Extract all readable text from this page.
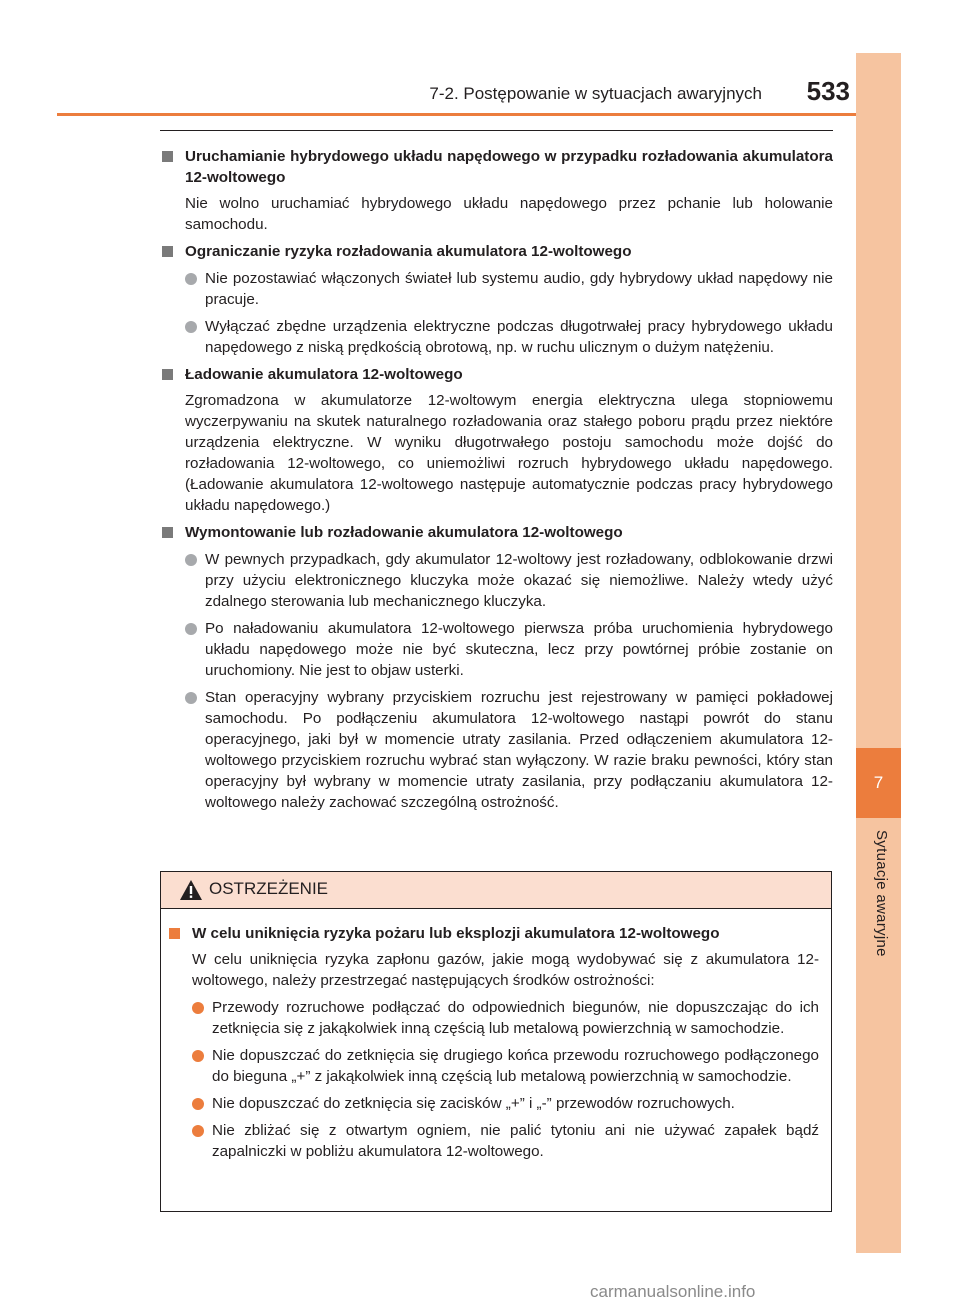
7
Sytuacje awaryjne
7-2. Postępowanie w sytuacjach awaryjnych	533
Uruchamianie hybrydowego układu napędowego w przypadku rozładowania akumulatora 12-woltowego
Nie wolno uruchamiać hybrydowego układu napędowego przez pchanie lub holowanie samochodu.
Ograniczanie ryzyka rozładowania akumulatora 12-woltowego
Nie pozostawiać włączonych świateł lub systemu audio, gdy hybrydowy układ napędowy nie pracuje.
Wyłączać zbędne urządzenia elektryczne podczas długotrwałej pracy hybrydowego układu napędowego z niską prędkością obrotową, np. w ruchu ulicznym o dużym natężeniu.
Ładowanie akumulatora 12-woltowego
Zgromadzona w akumulatorze 12-woltowym energia elektryczna ulega stopniowemu wyczerpywaniu na skutek naturalnego rozładowania oraz stałego poboru prądu przez niektóre urządzenia elektryczne. W wyniku długotrwałego postoju samochodu może dojść do rozładowania 12-woltowego, co uniemożliwi rozruch hybrydowego układu napędowego. (Ładowanie akumulatora 12-woltowego następuje automatycznie podczas pracy hybrydowego układu napędowego.)
Wymontowanie lub rozładowanie akumulatora 12-woltowego
W pewnych przypadkach, gdy akumulator 12-woltowy jest rozładowany, odblokowanie drzwi przy użyciu elektronicznego kluczyka może okazać się niemożliwe. Należy wtedy użyć zdalnego sterowania lub mechanicznego kluczyka.
Po naładowaniu akumulatora 12-woltowego pierwsza próba uruchomienia hybrydowego układu napędowego może nie być skuteczna, lecz przy powtórnej próbie zostanie on uruchomiony. Nie jest to objaw usterki.
Stan operacyjny wybrany przyciskiem rozruchu jest rejestrowany w pamięci pokładowej samochodu. Po podłączeniu akumulatora 12-woltowego nastąpi powrót do stanu operacyjnego, jaki był w momencie utraty zasilania. Przed odłączeniem akumulatora 12-woltowego przyciskiem rozruchu wybrać stan wyłączony. W razie braku pewności, który stan operacyjny był wybrany w momencie utraty zasilania, przy podłączaniu akumulatora 12-woltowego należy zachować szczególną ostrożność.
OSTRZEŻENIE
W celu uniknięcia ryzyka pożaru lub eksplozji akumulatora 12-woltowego
W celu uniknięcia ryzyka zapłonu gazów, jakie mogą wydobywać się z akumulatora 12-woltowego, należy przestrzegać następujących środków ostrożności:
Przewody rozruchowe podłączać do odpowiednich biegunów, nie dopuszczając do ich zetknięcia się z jakąkolwiek inną częścią lub metalową powierzchnią w samochodzie.
Nie dopuszczać do zetknięcia się drugiego końca przewodu rozruchowego podłączonego do bieguna „+” z jakąkolwiek inną częścią lub metalową powierzchnią w samochodzie.
Nie dopuszczać do zetknięcia się zacisków „+” i „-” przewodów rozruchowych.
Nie zbliżać się z otwartym ogniem, nie palić tytoniu ani nie używać zapałek bądź zapalniczki w pobliżu akumulatora 12-woltowego.
carmanualsonline.info
